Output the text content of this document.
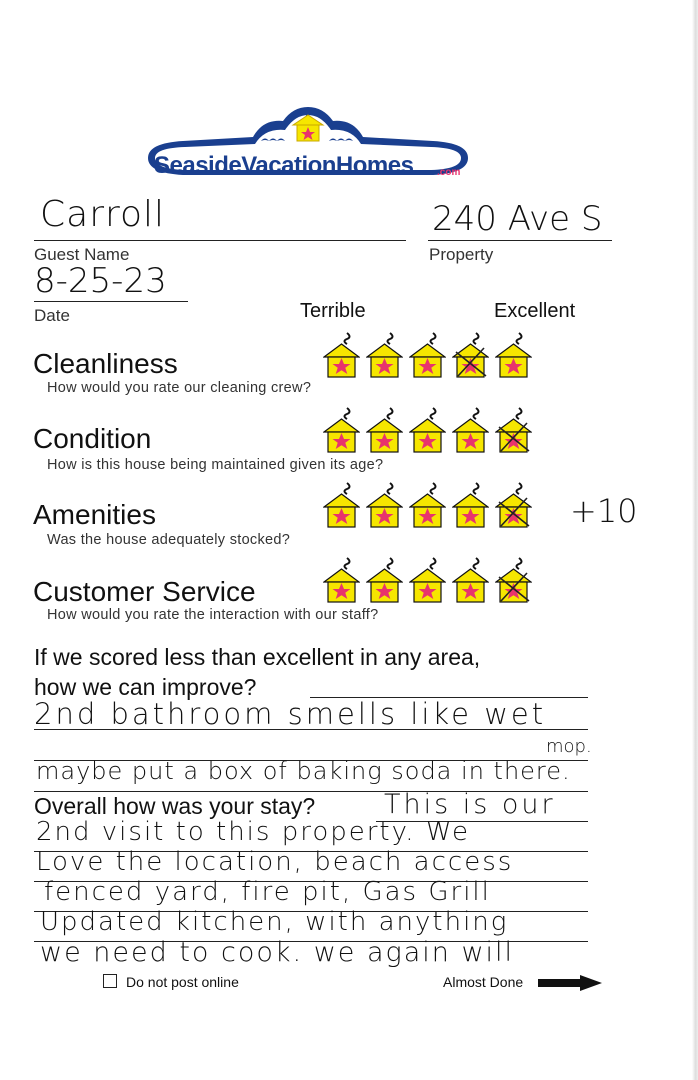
SeasideVacationHomes .com
Carroll
Guest Name
240 Ave S
Property
8-25-23
Date	Terrible	Excellent
Cleanliness
How would you rate our cleaning crew?
Condition
How is this house being maintained given its age?
Amenities
Was the house adequately stocked?
+10
Customer Service
How would you rate the interaction with our staff?
If we scored less than excellent in any area,
how we can improve?
2nd bathroom smells like wet
mop.
maybe put a box of baking soda in there.
Overall how was your stay?	This is our
2nd visit to this property. We
Love the location, beach access
fenced yard, fire pit, Gas Grill
Updated kitchen, with anything
we need to cook. we again will
Do not post online	Almost Done
